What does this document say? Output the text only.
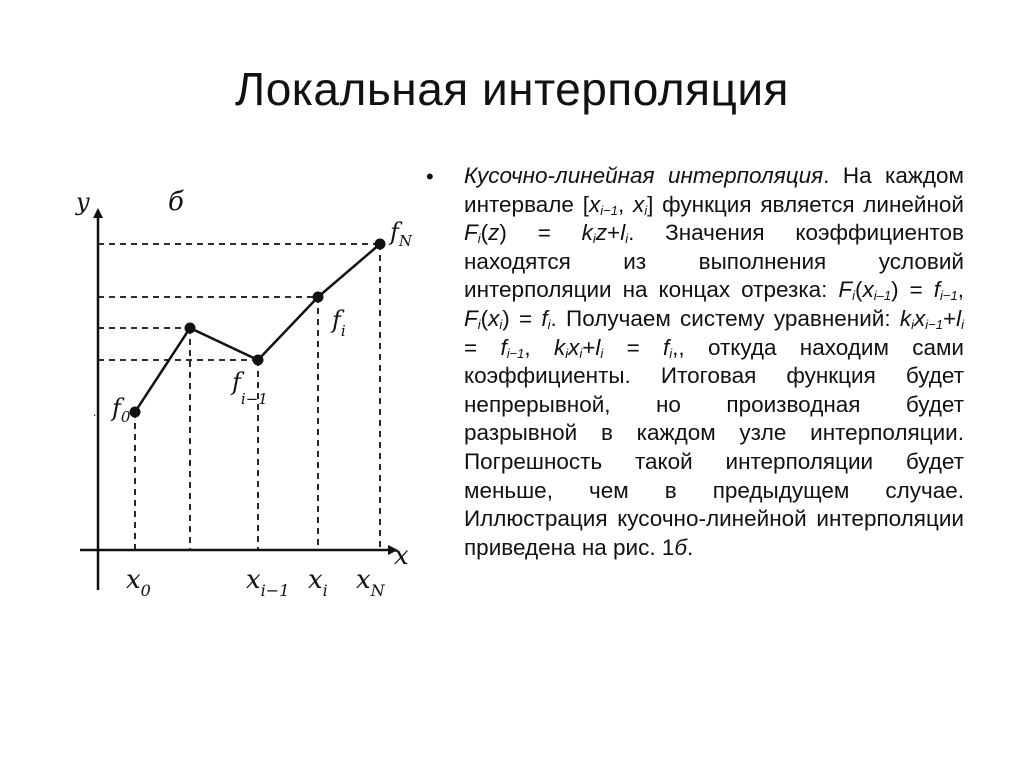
Локальная интерполяция
.
y
x
б
$f_0$
$f_{i-1}$
$f_i$
$f_N$
$x_0$	$x_{i-1}$ $x_i$ $x_N$
• Кусочно-линейная интерполяция. На каждом интервале [$x_{i-1}$, $x_i$] функция является линейной $F_i(z) = k_iz+l_i$. Значения коэффициентов находятся из выполнения условий интерполяции на концах отрезка: $F_i(x_{i-1}) = f_{i-1}$, $F_i(x_i) = f_i$. Получаем систему уравнений: $k_ix_{i-1}+l_i = f_{i-1}$, $k_ix_i+l_i = f_i$,, откуда находим сами коэффициенты. Итоговая функция будет непрерывной, но производная будет разрывной в каждом узле интерполяции. Погрешность такой интерполяции будет меньше, чем в предыдущем случае. Иллюстрация кусочно-линейной интерполяции приведена на рис. 1б.
